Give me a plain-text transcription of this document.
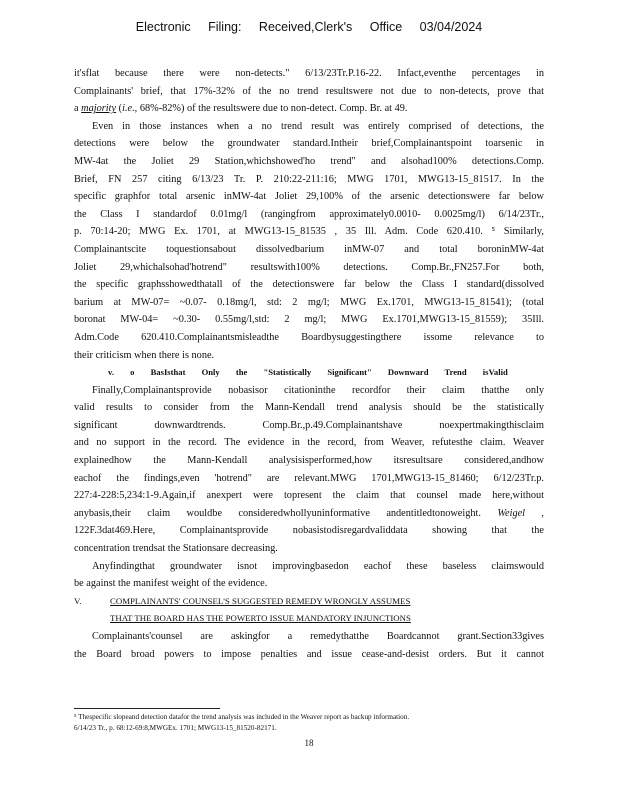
Electronic Filing: Received,Clerk's Office 03/04/2024
it'sflat because there were non-detects." 6/13/23Tr.P.16-22. Infact,eventhe percentages in
Complainants' brief, that 17%-32% of the no trend resultswere not due to non-detects, prove that
a majority (i.e., 68%-82%) of the resultswere due to non-detect. Comp. Br. at 49.
Even in those instances when a no trend result was entirely comprised of detections, the
detections were below the groundwater standard.Intheir brief,Complainantspoint toarsenic in
MW-4at the Joliet 29 Station,whichshowed'ho trend" and alsohad100% detections.Comp.
Brief, FN 257 citing 6/13/23 Tr. P. 210:22-211:16; MWG 1701, MWG13-15_81517. In the
specific graphfor total arsenic inMW-4at Joliet 29,100% of the arsenic detectionswere far below
the Class I standardof 0.01mg/l (rangingfrom approximately0.0010- 0.0025mg/l) 6/14/23Tr.,
p. 70:14-20; MWG Ex. 1701, at MWG13-15_81535 , 35 Ill. Adm. Code 620.410. ⁵ Similarly,
Complainantscite toquestionsabout dissolvedbarium inMW-07 and total boroninMW-4at
Joliet 29,whichalsohad'hotrend" resultswith100% detections. Comp.Br.,FN257.For both,
the specific graphsshowedthatall of the detectionswere far below the Class I standard(dissolved
barium at MW-07= ~0.07- 0.18mg/l, std: 2 mg/l; MWG Ex.1701, MWG13-15_81541); (total
boronat MW-04= ~0.30- 0.55mg/l,std: 2 mg/l; MWG Ex.1701,MWG13-15_81559); 35Ill.
Adm.Code 620.410.Complainantsmisleadthe Boardbysuggestingthere issome relevance to
their criticism when there is none.
v. o BasIsthat Only the "Statistically Significant" Downward Trend isValid
Finally,Complainantsprovide nobasisor citationinthe recordfor their claim thatthe only
valid results to consider from the Mann-Kendall trend analysis should be the statistically
significant downwardtrends. Comp.Br.,p.49.Complainantshave noexpertmakingthisclaim
and no support in the record. The evidence in the record, from Weaver, refutesthe claim. Weaver
explainedhow the Mann-Kendall analysisisperformed,how itsresultsare considered,andhow
eachof the findings,even 'hotrend" are relevant.MWG 1701,MWG13-15_81460; 6/12/23Tr.p.
227:4-228:5,234:1-9.Again,if anexpert were topresent the claim that counsel made here,without
anybasis,their claim wouldbe consideredwhollyuninformative andentitledtonoweight. Weigel ,
122F.3dat469.Here, Complainantsprovide nobasistodisregardvaliddata showing that the
concentration trendsat the Stationsare decreasing.
Anyfindingthat groundwater isnot improvingbasedon eachof these baseless claimswould
be against the manifest weight of the evidence.
V.	COMPLAINANTS' COUNSEL'S SUGGESTED REMEDY WRONGLY ASSUMES
THAT THE BOARD HAS THE POWERTO ISSUE MANDATORY INJUNCTIONS
Complainants'counsel are askingfor a remedythatthe Boardcannot grant.Section33gives
the Board broad powers to impose penalties and issue cease-and-desist orders. But it cannot
⁵ Thespecific slopeand detection datafor the trend analysis was included in the Weaver report as backup information.
6/14/23 Tr., p. 68:12-69:8,MWGEx. 1701; MWG13-15_81520-82171.
18
